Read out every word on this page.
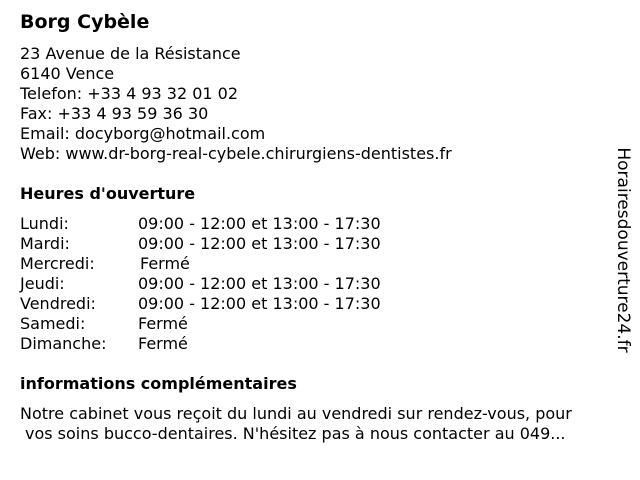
Borg Cybèle
23 Avenue de la Résistance
6140 Vence
Telefon: +33 4 93 32 01 02
Fax: +33 4 93 59 36 30
Email: docyborg@hotmail.com
Web: www.dr-borg-real-cybele.chirurgiens-dentistes.fr
Heures d'ouverture
Lundi:	09:00 - 12:00 et 13:00 - 17:30
Mardi:	09:00 - 12:00 et 13:00 - 17:30
Mercredi:	Fermé
Jeudi:	09:00 - 12:00 et 13:00 - 17:30
Vendredi:	09:00 - 12:00 et 13:00 - 17:30
Samedi:	Fermé
Dimanche: Fermé
informations complémentaires
Notre cabinet vous reçoit du lundi au vendredi sur rendez-vous, pour
vos soins bucco-dentaires. N'hésitez pas à nous contacter au 049...
Horairesdouverture24.fr
